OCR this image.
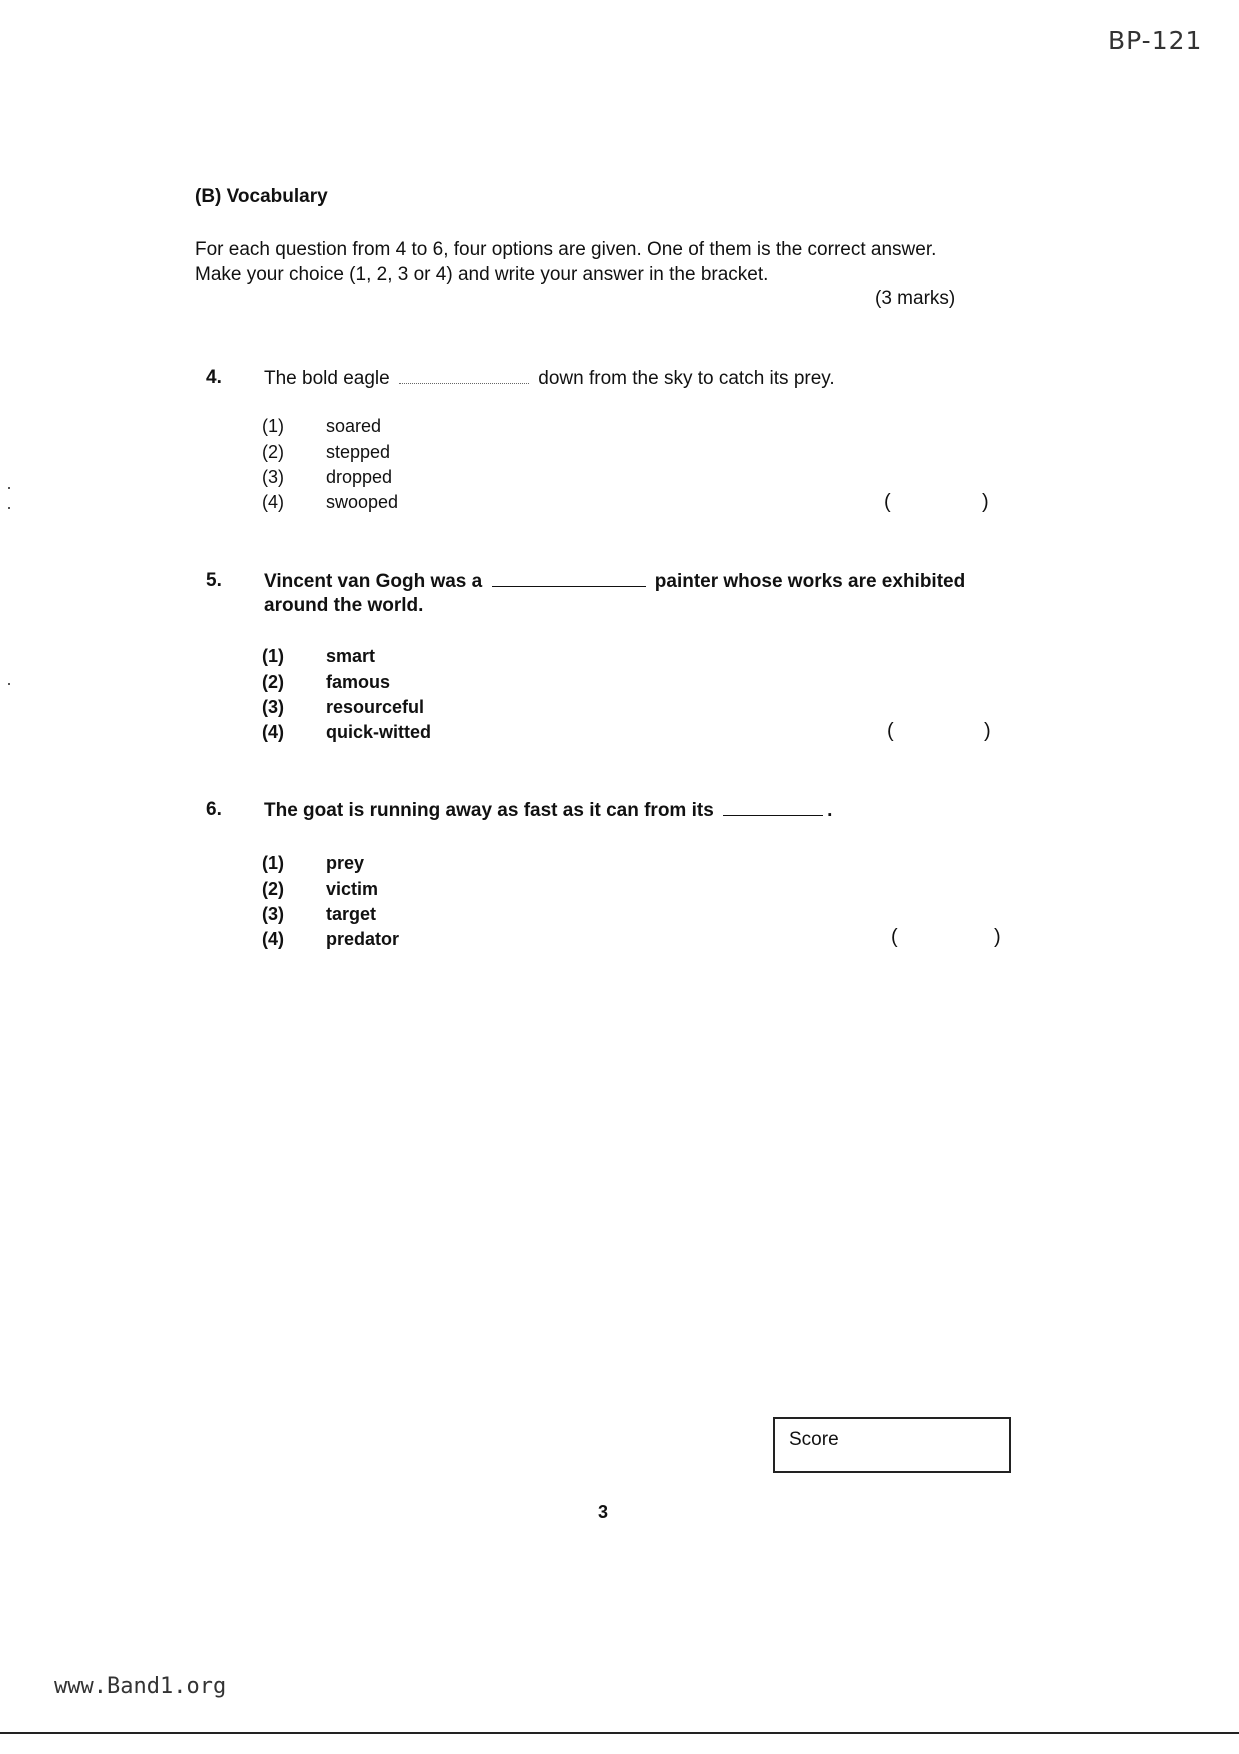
BP-121
(B) Vocabulary
For each question from 4 to 6, four options are given. One of them is the correct answer. Make your choice (1, 2, 3 or 4) and write your answer in the bracket.
(3 marks)
4. The bold eagle	down from the sky to catch its prey.
(1) soared
(2) stepped
(3) dropped
(4) swooped	(	)
5. Vincent van Gogh was a	painter whose works are exhibited around the world.
(1) smart
(2) famous
(3) resourceful
(4) quick-witted	(	)
6. The goat is running away as fast as it can from its	.
(1) prey
(2) victim
(3) target
(4) predator	(	)
Score
3
www.Band1.org
